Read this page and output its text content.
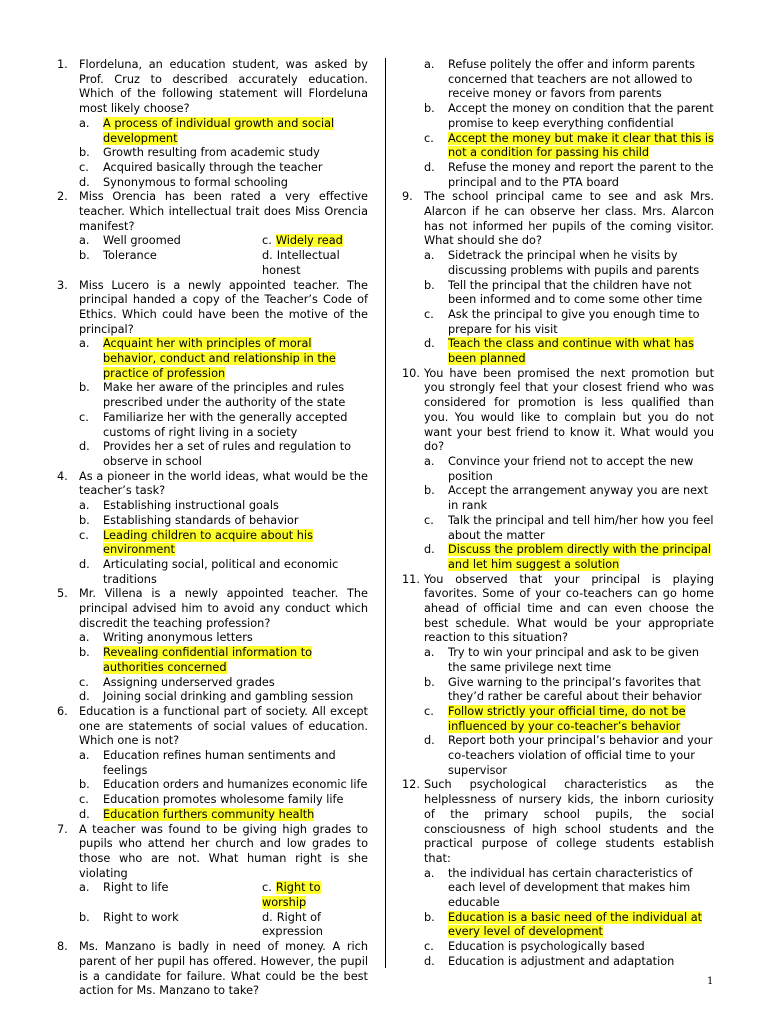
1. Flordeluna, an education student, was asked by Prof. Cruz to described accurately education. Which of the following statement will Flordeluna most likely choose?
a. A process of individual growth and social development
b. Growth resulting from academic study
c. Acquired basically through the teacher
d. Synonymous to formal schooling
2. Miss Orencia has been rated a very effective teacher. Which intellectual trait does Miss Orencia manifest?
a. Well groomed	c. Widely read
b. Tolerance	d. Intellectual honest
3. Miss Lucero is a newly appointed teacher. The principal handed a copy of the Teacher’s Code of Ethics. Which could have been the motive of the principal?
a. Acquaint her with principles of moral behavior, conduct and relationship in the practice of profession
b. Make her aware of the principles and rules prescribed under the authority of the state
c. Familiarize her with the generally accepted customs of right living in a society
d. Provides her a set of rules and regulation to observe in school
4. As a pioneer in the world ideas, what would be the teacher’s task?
a. Establishing instructional goals
b. Establishing standards of behavior
c. Leading children to acquire about his environment
d. Articulating social, political and economic traditions
5. Mr. Villena is a newly appointed teacher. The principal advised him to avoid any conduct which discredit the teaching profession?
a. Writing anonymous letters
b. Revealing confidential information to authorities concerned
c. Assigning underserved grades
d. Joining social drinking and gambling session
6. Education is a functional part of society. All except one are statements of social values of education. Which one is not?
a. Education refines human sentiments and feelings
b. Education orders and humanizes economic life
c. Education promotes wholesome family life
d. Education furthers community health
7. A teacher was found to be giving high grades to pupils who attend her church and low grades to those who are not. What human right is she violating
a. Right to life	c. Right to worship
b. Right to work	d. Right of expression
8. Ms. Manzano is badly in need of money. A rich parent of her pupil has offered. However, the pupil is a candidate for failure. What could be the best action for Ms. Manzano to take?
a. Refuse politely the offer and inform parents concerned that teachers are not allowed to receive money or favors from parents
b. Accept the money on condition that the parent promise to keep everything confidential
c. Accept the money but make it clear that this is not a condition for passing his child
d. Refuse the money and report the parent to the principal and to the PTA board
9. The school principal came to see and ask Mrs. Alarcon if he can observe her class. Mrs. Alarcon has not informed her pupils of the coming visitor. What should she do?
a. Sidetrack the principal when he visits by discussing problems with pupils and parents
b. Tell the principal that the children have not been informed and to come some other time
c. Ask the principal to give you enough time to prepare for his visit
d. Teach the class and continue with what has been planned
10. You have been promised the next promotion but you strongly feel that your closest friend who was considered for promotion is less qualified than you. You would like to complain but you do not want your best friend to know it. What would you do?
a. Convince your friend not to accept the new position
b. Accept the arrangement anyway you are next in rank
c. Talk the principal and tell him/her how you feel about the matter
d. Discuss the problem directly with the principal and let him suggest a solution
11. You observed that your principal is playing favorites. Some of your co-teachers can go home ahead of official time and can even choose the best schedule. What would be your appropriate reaction to this situation?
a. Try to win your principal and ask to be given the same privilege next time
b. Give warning to the principal’s favorites that they’d rather be careful about their behavior
c. Follow strictly your official time, do not be influenced by your co-teacher’s behavior
d. Report both your principal’s behavior and your co-teachers violation of official time to your supervisor
12. Such psychological characteristics as the helplessness of nursery kids, the inborn curiosity of the primary school pupils, the social consciousness of high school students and the practical purpose of college students establish that:
a. the individual has certain characteristics of each level of development that makes him educable
b. Education is a basic need of the individual at every level of development
c. Education is psychologically based
d. Education is adjustment and adaptation
1
